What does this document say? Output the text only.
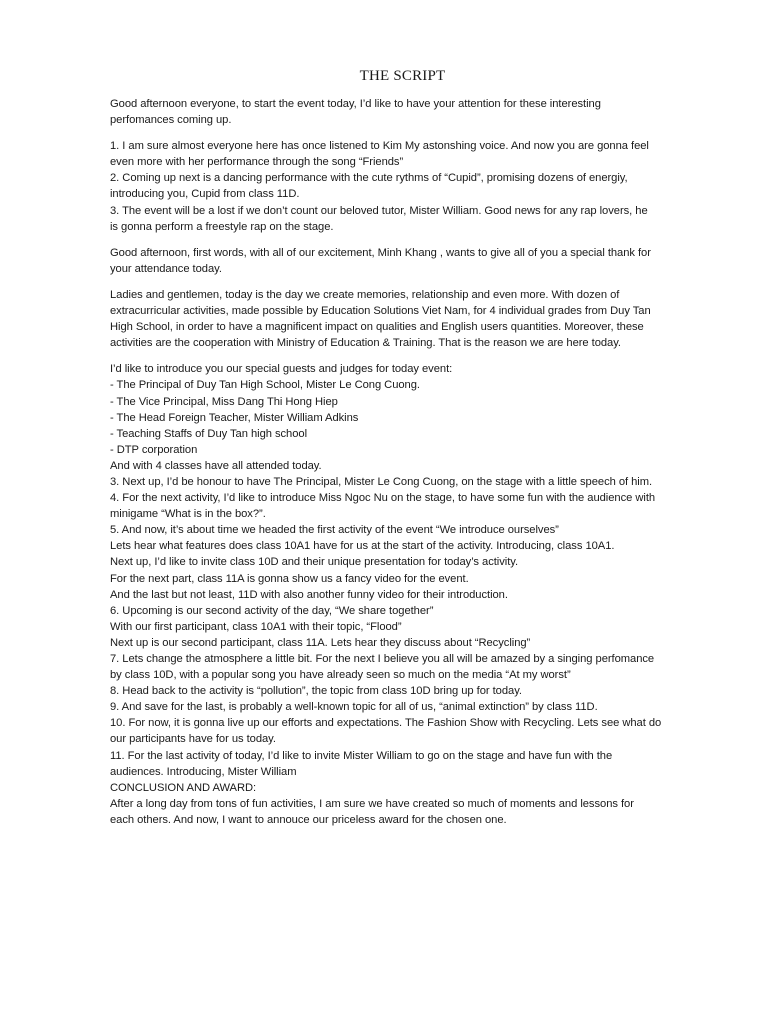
THE SCRIPT
Good afternoon everyone, to start the event today, I’d like to have your attention for these interesting
perfomances coming up.
1. I am sure almost everyone here has once listened to Kim My astonshing voice. And now you are gonna feel
even more with her performance through the song “Friends”
2. Coming up next is a dancing performance with the cute rythms of “Cupid”, promising dozens of energiy,
introducing you, Cupid from class 11D.
3. The event will be a lost if we don’t count our beloved tutor, Mister William. Good news for any rap lovers, he
is gonna perform a freestyle rap on the stage.
Good afternoon, first words, with all of our excitement, Minh Khang , wants to give all of you a special thank for
your attendance today.
Ladies and gentlemen, today is the day we create memories, relationship and even more. With dozen of
extracurricular activities, made possible by Education Solutions Viet Nam, for 4 individual grades from Duy Tan
High School, in order to have a magnificent impact on qualities and English users quantities. Moreover, these
activities are the cooperation with Ministry of Education & Training. That is the reason we are here today.
I’d like to introduce you our special guests and judges for today event:
- The Principal of Duy Tan High School, Mister Le Cong Cuong.
- The Vice Principal, Miss Dang Thi Hong Hiep
- The Head Foreign Teacher, Mister William Adkins
- Teaching Staffs of Duy Tan high school
- DTP corporation
And with 4 classes have all attended today.
3. Next up, I’d be honour to have The Principal, Mister Le Cong Cuong, on the stage with a little speech of him.
4. For the next activity, I’d like to introduce Miss Ngoc Nu on the stage, to have some fun with the audience with
minigame “What is in the box?”.
5. And now, it’s about time we headed the first activity of the event “We introduce ourselves”
Lets hear what features does class 10A1 have for us at the start of the activity. Introducing, class 10A1.
Next up, I’d like to invite class 10D and their unique presentation for today’s activity.
For the next part, class 11A is gonna show us a fancy video for the event.
And the last but not least, 11D with also another funny video for their introduction.
6. Upcoming is our second activity of the day, “We share together”
With our first participant, class 10A1 with their topic, “Flood”
Next up is our second participant, class 11A. Lets hear they discuss about “Recycling”
7. Lets change the atmosphere a little bit. For the next I believe you all will be amazed by a singing perfomance
by class 10D, with a popular song you have already seen so much on the media “At my worst”
8. Head back to the activity is “pollution”, the topic from class 10D bring up for today.
9. And save for the last, is probably a well-known topic for all of us, “animal extinction” by class 11D.
10. For now, it is gonna live up our efforts and expectations. The Fashion Show with Recycling. Lets see what do
our participants have for us today.
11. For the last activity of today, I’d like to invite Mister William to go on the stage and have fun with the
audiences. Introducing, Mister William
CONCLUSION AND AWARD:
After a long day from tons of fun activities, I am sure we have created so much of moments and lessons for
each others. And now, I want to annouce our priceless award for the chosen one.
